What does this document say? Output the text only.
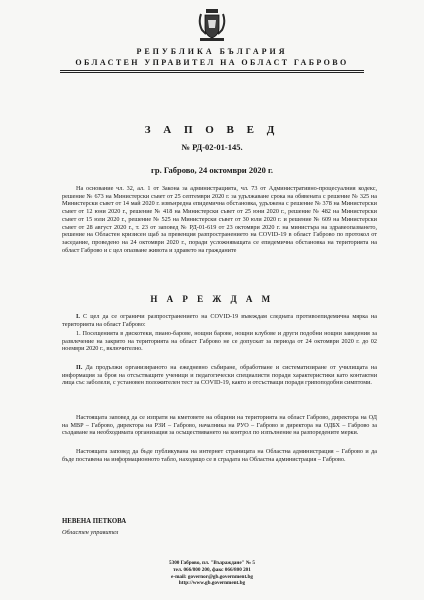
РЕПУБЛИКА БЪЛГАРИЯ
ОБЛАСТЕН УПРАВИТЕЛ НА ОБЛАСТ ГАБРОВО
З А П О В Е Д
№ РД-02-01-145.
гр. Габрово, 24 октомври 2020 г.

На основание чл. 32, ал. 1 от Закона за администрацията, чл. 73 от Административно-процесуалния кодекс, решение № 673 на Министерски съвет от 25 септември 2020 г. за удължаване срока на обявената с решение № 325 на Министерски съвет от 14 май 2020 г. извънредна епидемична обстановка, удължена с решение № 378 на Министерски съвет от 12 юни 2020 г., решение № 418 на Министерски съвет от 25 юни 2020 г., решение № 482 на Министерски съвет от 15 юли 2020 г., решение № 525 на Министерски съвет от 30 юли 2020 г. и решение № 609 на Министерски съвет от 28 август 2020 г., т. 23 от заповед № РД-01-619 от 23 октомври 2020 г. на министъра на здравеопазването, решение на Областен кризисен щаб за превенция разпространението на COVID-19 в област Габрово по протокол от заседание, проведено на 24 октомври 2020 г., поради усложняващата се епидемична обстановка на територията на област Габрово и с цел опазване живота и здравето на гражданите

Н А Р Е Ж Д А М

I. С цел да се ограничи разпространението на COVID-19 въвеждам следната противоепидемична мярка на територията на област Габрово:

1. Посещенията в дискотеки, пиано-барове, нощни барове, нощни клубове и други подобни нощни заведения за развлечение на закрито на територията на област Габрово не се допускат за периода от 24 октомври 2020 г. до 02 ноември 2020 г., включително.

II. Да продължи организираното на ежедневно събиране, обработване и систематизиране от училищата на информация за броя на отсъстващите ученици и педагогически специалисти поради характеристики като контактни лица със заболели, с установен положителен тест за COVID-19, както и отсъстващи поради грипоподобни симптоми.

Настоящата заповед да се изпрати на кметовете на общини на територията на област Габрово, директора на ОД на МВР – Габрово, директора на РЗИ – Габрово, началника на РУО – Габрово и директора на ОДБХ – Габрово за създаване на необходимата организация за осъществяването на контрол по изпълнение на разпоредените мерки.

Настоящата заповед да бъде публикувана на интернет страницата на Областна администрация – Габрово и да бъде поставена на информационното табло, находящо се в сградата на Областна администрация – Габрово.

НЕВЕНА ПЕТКОВА
Областен управител
5300 Габрово, пл. "Възраждане" № 5
тел. 066/800 200, факс 066/800 201
e-mail: governor@gb.government.bg
http://www.gb.government.bg
